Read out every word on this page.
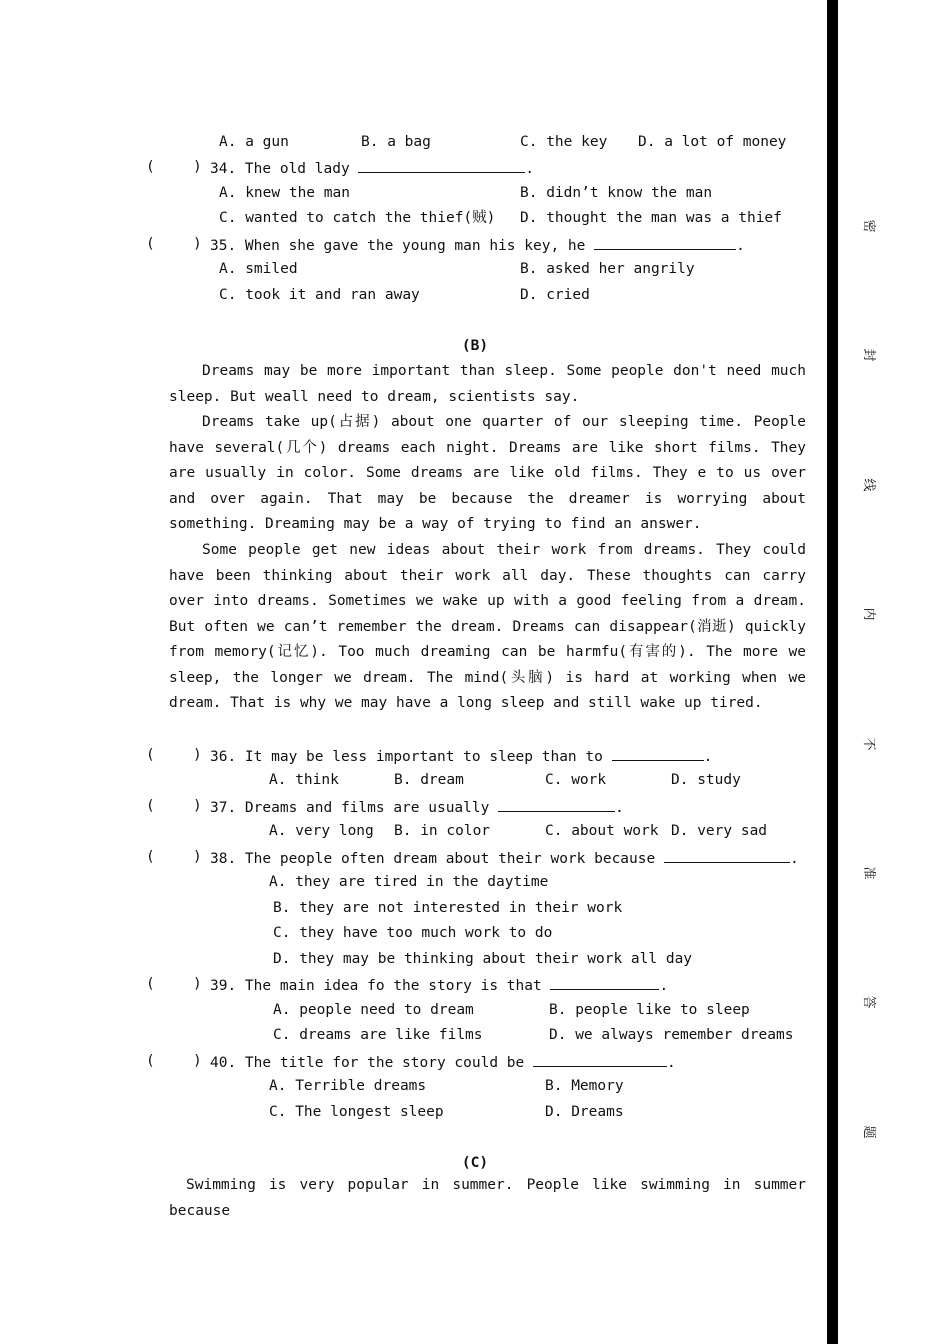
A. a gun	B. a bag	C. the key D. a lot of money
(	) 34. The old lady	.
A. knew the man	B. didn’t know the man
C. wanted to catch the thief(贼) D. thought the man was a thief
(	) 35. When she gave the young man his key, he	.
A. smiled	B. asked her angrily
C. took it and ran away	D. cried
(B)

Dreams may be more important than sleep. Some people don't need much sleep. But weall need to dream, scientists say.

Dreams take up(占据) about one quarter of our sleeping time. People have several(几个) dreams each night. Dreams are like short films. They are usually in color. Some dreams are like old films. They e to us over and over again. That may be because the dreamer is worrying about something. Dreaming may be a way of trying to find an answer.

Some people get new ideas about their work from dreams. They could have been thinking about their work all day. These thoughts can carry over into dreams. Sometimes we wake up with a good feeling from a dream. But often we can’t remember the dream. Dreams can disappear(消逝) quickly from memory(记忆). Too much dreaming can be harmfu(有害的). The more we sleep, the longer we dream. The mind(头脑) is hard at working when we dream. That is why we may have a long sleep and still wake up tired.

(	) 36. It may be less important to sleep than to	.
A. think	B. dream	C. work	D. study
(	) 37. Dreams and films are usually	.
A. very long B. in color	C. about work D. very sad
(	) 38. The people often dream about their work because	.
A. they are tired in the daytime
B. they are not interested in their work
C. they have too much work to do
D. they may be thinking about their work all day
(	) 39. The main idea fo the story is that	.
A. people need to dream	B. people like to sleep
C. dreams are like films	D. we always remember dreams
(	) 40. The title for the story could be	.
A. Terrible dreams	B. Memory
C. The longest sleep	D. Dreams
(C)

Swimming is very popular in summer. People like swimming in summer because

密
封
线
内
不
准
答
题
